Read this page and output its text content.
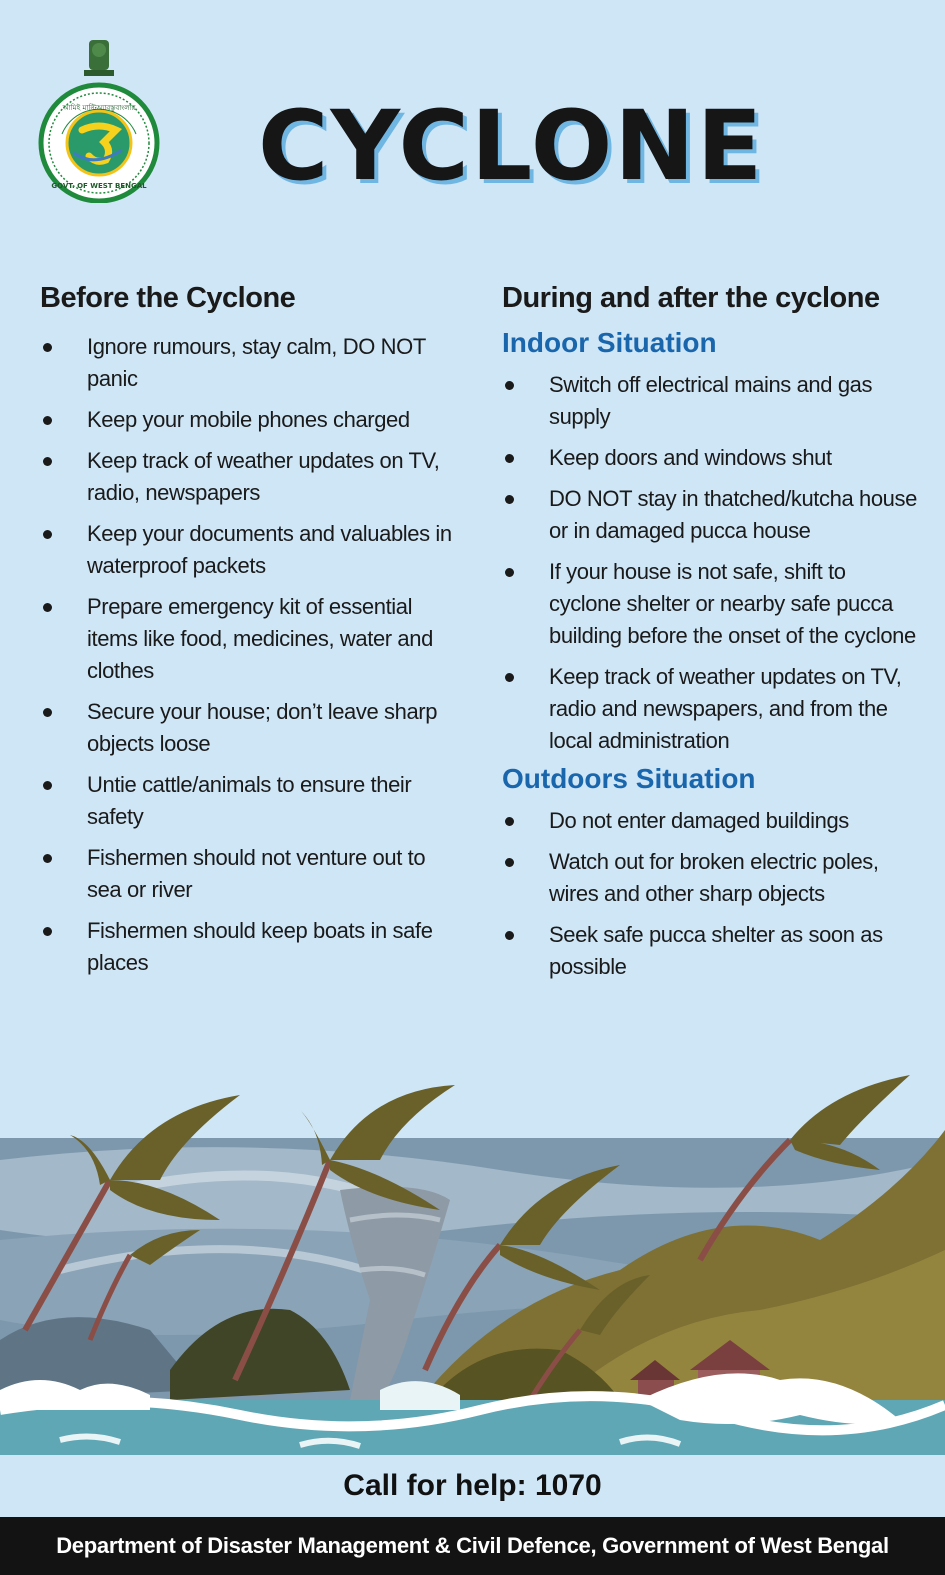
আমিই মাল্টিঅ্যাবস্তুবাংলার
GOVT. OF WEST BENGAL CYCLONE
Before the Cyclone
Ignore rumours, stay calm, DO NOT panic
Keep your mobile phones charged
Keep track of weather updates on TV, radio, newspapers
Keep your documents and valuables in waterproof packets
Prepare emergency kit of essential items like food, medicines, water and clothes
Secure your house; don’t leave sharp objects loose
Untie cattle/animals to ensure their safety
Fishermen should not venture out to sea or river
Fishermen should keep boats in safe places
During and after the cyclone
Indoor Situation
Switch off electrical mains and gas supply
Keep doors and windows shut
DO NOT stay in thatched/kutcha house or in damaged pucca house
If your house is not safe, shift to cyclone shelter or nearby safe pucca building before the onset of the cyclone
Keep track of weather updates on TV, radio and newspapers, and from the local administration
Outdoors Situation
Do not enter damaged buildings
Watch out for broken electric poles, wires and other sharp objects
Seek safe pucca shelter as soon as possible
Call for help: 1070
Department of Disaster Management & Civil Defence, Government of West Bengal
